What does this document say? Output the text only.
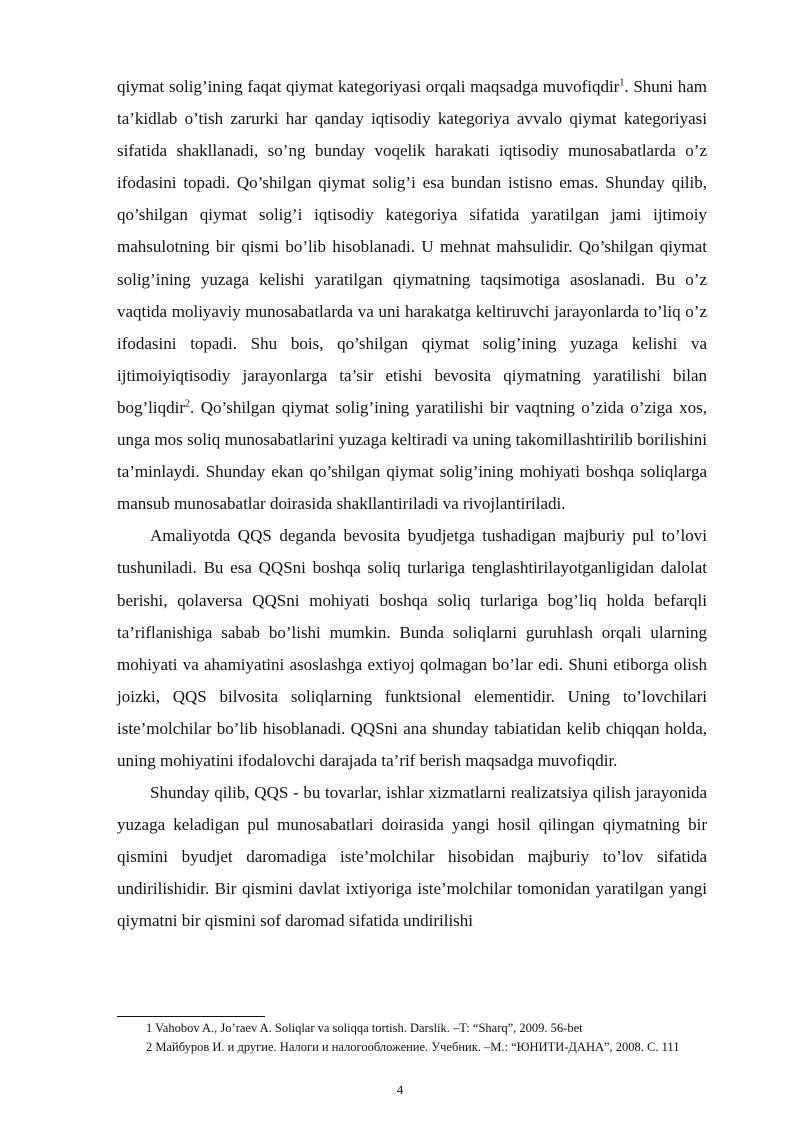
qiymat solig’ining faqat qiymat kategoriyasi orqali maqsadga muvofiqdir$^1$. Shuni ham ta’kidlab o’tish zarurki har qanday iqtisodiy kategoriya avvalo qiymat kategoriyasi sifatida shakllanadi, so’ng bunday voqelik harakati iqtisodiy munosabatlarda o’z ifodasini topadi. Qo’shilgan qiymat solig’i esa bundan istisno emas. Shunday qilib, qo’shilgan qiymat solig’i iqtisodiy kategoriya sifatida yaratilgan jami ijtimoiy mahsulotning bir qismi bo’lib hisoblanadi. U mehnat mahsulidir. Qo’shilgan qiymat solig’ining yuzaga kelishi yaratilgan qiymatning taqsimotiga asoslanadi. Bu o’z vaqtida moliyaviy munosabatlarda va uni harakatga keltiruvchi jarayonlarda to’liq o’z ifodasini topadi. Shu bois, qo’shilgan qiymat solig’ining yuzaga kelishi va ijtimoiyiqtisodiy jarayonlarga ta’sir etishi bevosita qiymatning yaratilishi bilan bog’liqdir$^2$. Qo’shilgan qiymat solig’ining yaratilishi bir vaqtning o’zida o’ziga xos, unga mos soliq munosabatlarini yuzaga keltiradi va uning takomillashtirilib borilishini ta’minlaydi. Shunday ekan qo’shilgan qiymat solig’ining mohiyati boshqa soliqlarga mansub munosabatlar doirasida shakllantiriladi va rivojlantiriladi.

Amaliyotda QQS deganda bevosita byudjetga tushadigan majburiy pul to’lovi tushuniladi. Bu esa QQSni boshqa soliq turlariga tenglashtirilayotganligidan dalolat berishi, qolaversa QQSni mohiyati boshqa soliq turlariga bog’liq holda befarqli ta’riflanishiga sabab bo’lishi mumkin. Bunda soliqlarni guruhlash orqali ularning mohiyati va ahamiyatini asoslashga extiyoj qolmagan bo’lar edi. Shuni etiborga olish joizki, QQS bilvosita soliqlarning funktsional elementidir. Uning to’lovchilari iste’molchilar bo’lib hisoblanadi. QQSni ana shunday tabiatidan kelib chiqqan holda, uning mohiyatini ifodalovchi darajada ta’rif berish maqsadga muvofiqdir.

Shunday qilib, QQS - bu tovarlar, ishlar xizmatlarni realizatsiya qilish jarayonida yuzaga keladigan pul munosabatlari doirasida yangi hosil qilingan qiymatning bir qismini byudjet daromadiga iste’molchilar hisobidan majburiy to’lov sifatida undirilishidir. Bir qismini davlat ixtiyoriga iste’molchilar tomonidan yaratilgan yangi qiymatni bir qismini sof daromad sifatida undirilishi

1 Vahobov A., Jo’raev A. Soliqlar va soliqqa tortish. Darslik. –T: “Sharq”, 2009. 56-bet
2 Майбуров И. и другие. Налоги и налогообложение. Учебник. –М.: “ЮНИТИ-ДАНА”, 2008. С. 111
4
